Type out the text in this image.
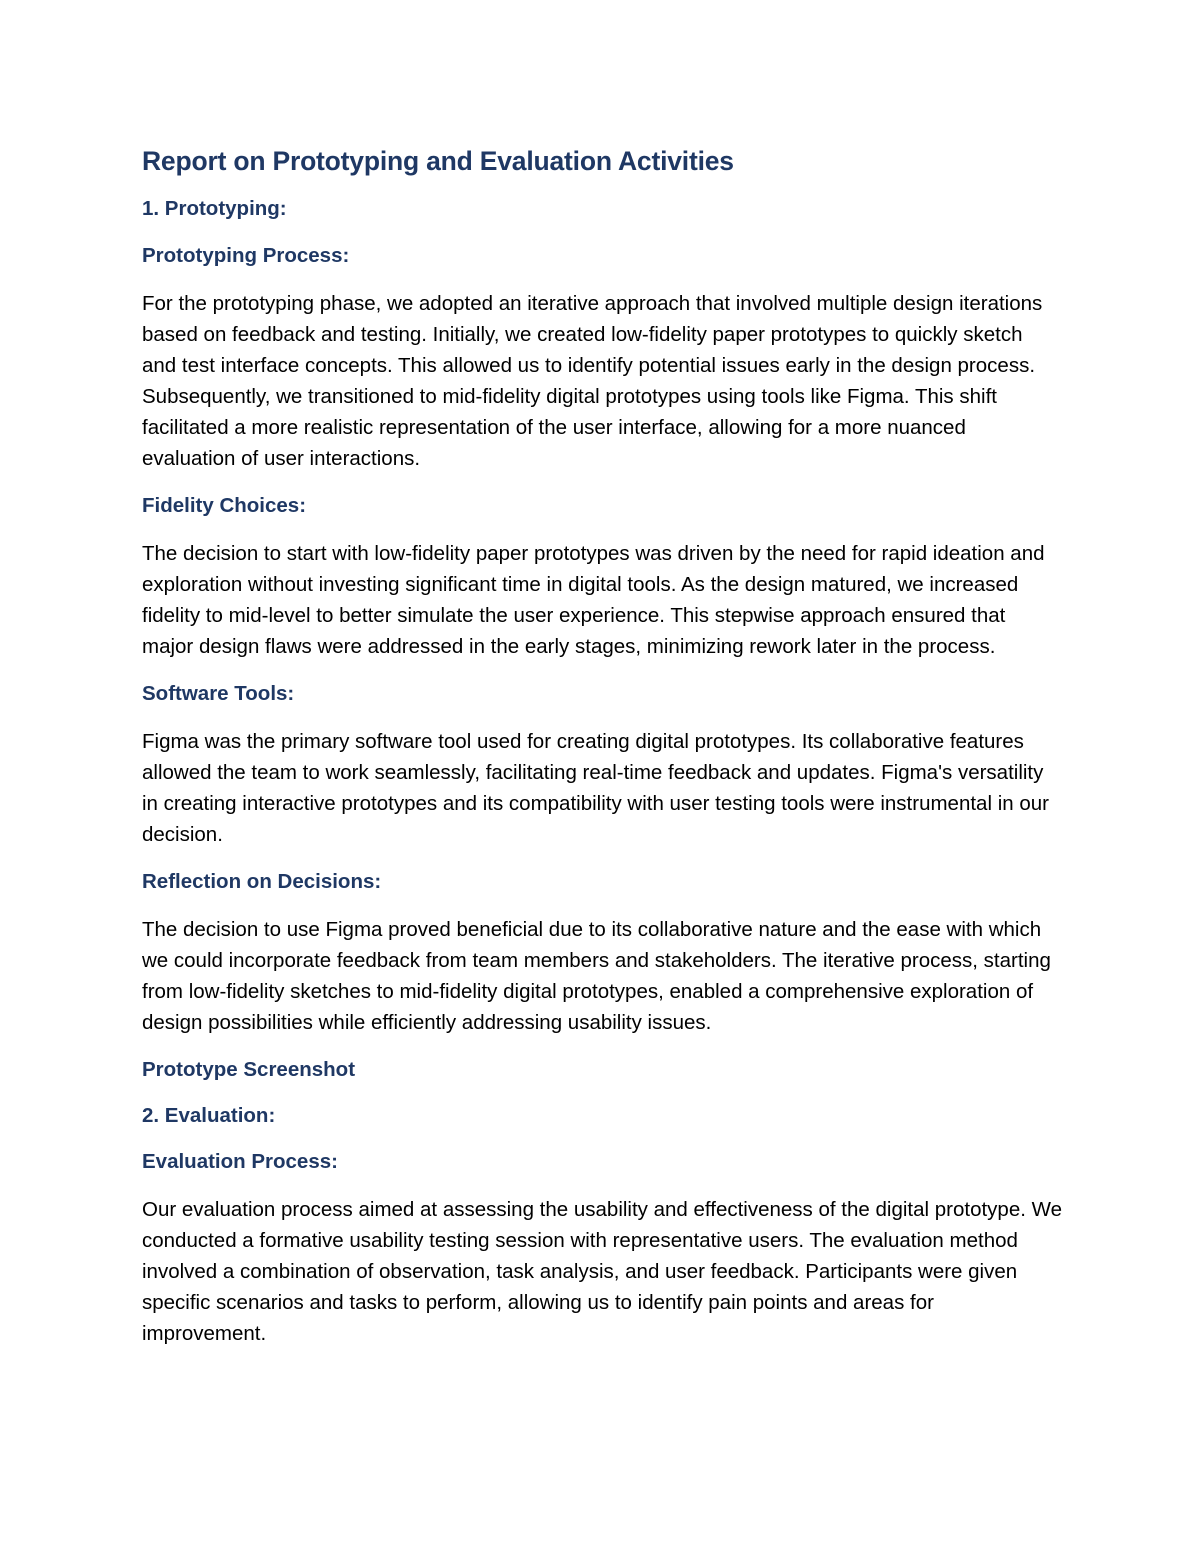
Report on Prototyping and Evaluation Activities
1. Prototyping:
Prototyping Process:

For the prototyping phase, we adopted an iterative approach that involved multiple design iterations based on feedback and testing. Initially, we created low-fidelity paper prototypes to quickly sketch and test interface concepts. This allowed us to identify potential issues early in the design process. Subsequently, we transitioned to mid-fidelity digital prototypes using tools like Figma. This shift facilitated a more realistic representation of the user interface, allowing for a more nuanced evaluation of user interactions.

Fidelity Choices:

The decision to start with low-fidelity paper prototypes was driven by the need for rapid ideation and exploration without investing significant time in digital tools. As the design matured, we increased fidelity to mid-level to better simulate the user experience. This stepwise approach ensured that major design flaws were addressed in the early stages, minimizing rework later in the process.

Software Tools:

Figma was the primary software tool used for creating digital prototypes. Its collaborative features allowed the team to work seamlessly, facilitating real-time feedback and updates. Figma's versatility in creating interactive prototypes and its compatibility with user testing tools were instrumental in our decision.

Reflection on Decisions:

The decision to use Figma proved beneficial due to its collaborative nature and the ease with which we could incorporate feedback from team members and stakeholders. The iterative process, starting from low-fidelity sketches to mid-fidelity digital prototypes, enabled a comprehensive exploration of design possibilities while efficiently addressing usability issues.

Prototype Screenshot
2. Evaluation:
Evaluation Process:

Our evaluation process aimed at assessing the usability and effectiveness of the digital prototype. We conducted a formative usability testing session with representative users. The evaluation method involved a combination of observation, task analysis, and user feedback. Participants were given specific scenarios and tasks to perform, allowing us to identify pain points and areas for improvement.
